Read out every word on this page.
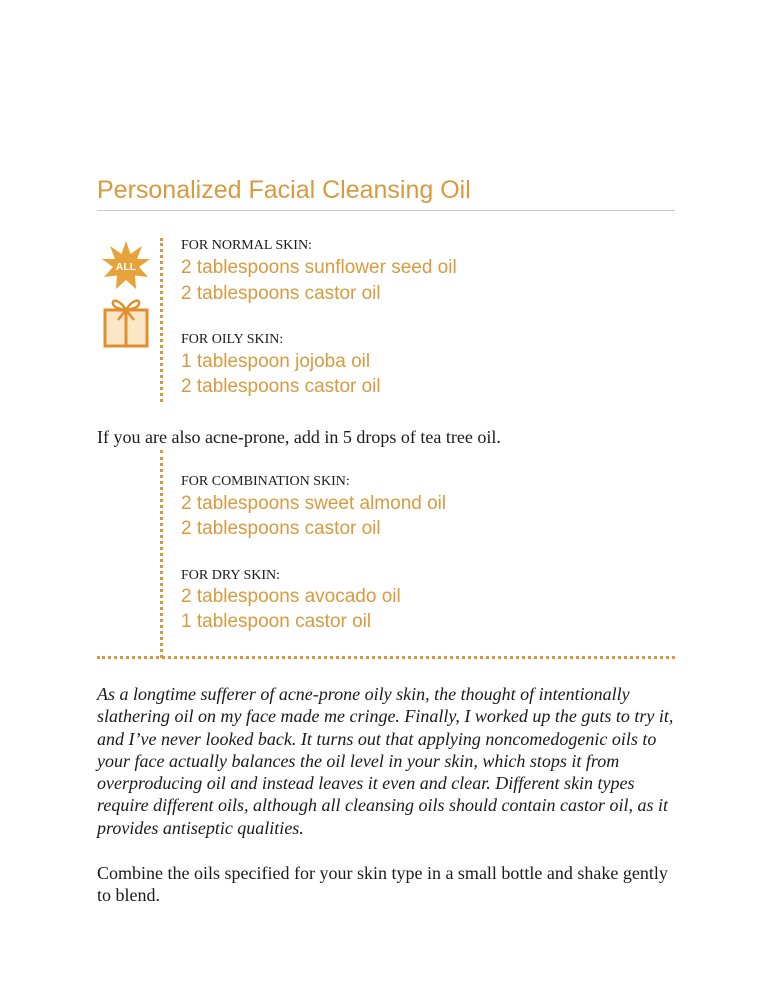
Personalized Facial Cleansing Oil
ALL
FOR NORMAL SKIN:
2 tablespoons sunflower seed oil
2 tablespoons castor oil
FOR OILY SKIN:
1 tablespoon jojoba oil
2 tablespoons castor oil
If you are also acne-prone, add in 5 drops of tea tree oil.
FOR COMBINATION SKIN:
2 tablespoons sweet almond oil
2 tablespoons castor oil
FOR DRY SKIN:
2 tablespoons avocado oil
1 tablespoon castor oil

As a longtime sufferer of acne-prone oily skin, the thought of intentionally slathering oil on my face made me cringe. Finally, I worked up the guts to try it, and I’ve never looked back. It turns out that applying noncomedogenic oils to your face actually balances the oil level in your skin, which stops it from overproducing oil and instead leaves it even and clear. Different skin types require different oils, although all cleansing oils should contain castor oil, as it provides antiseptic qualities.

Combine the oils specified for your skin type in a small bottle and shake gently to blend.
